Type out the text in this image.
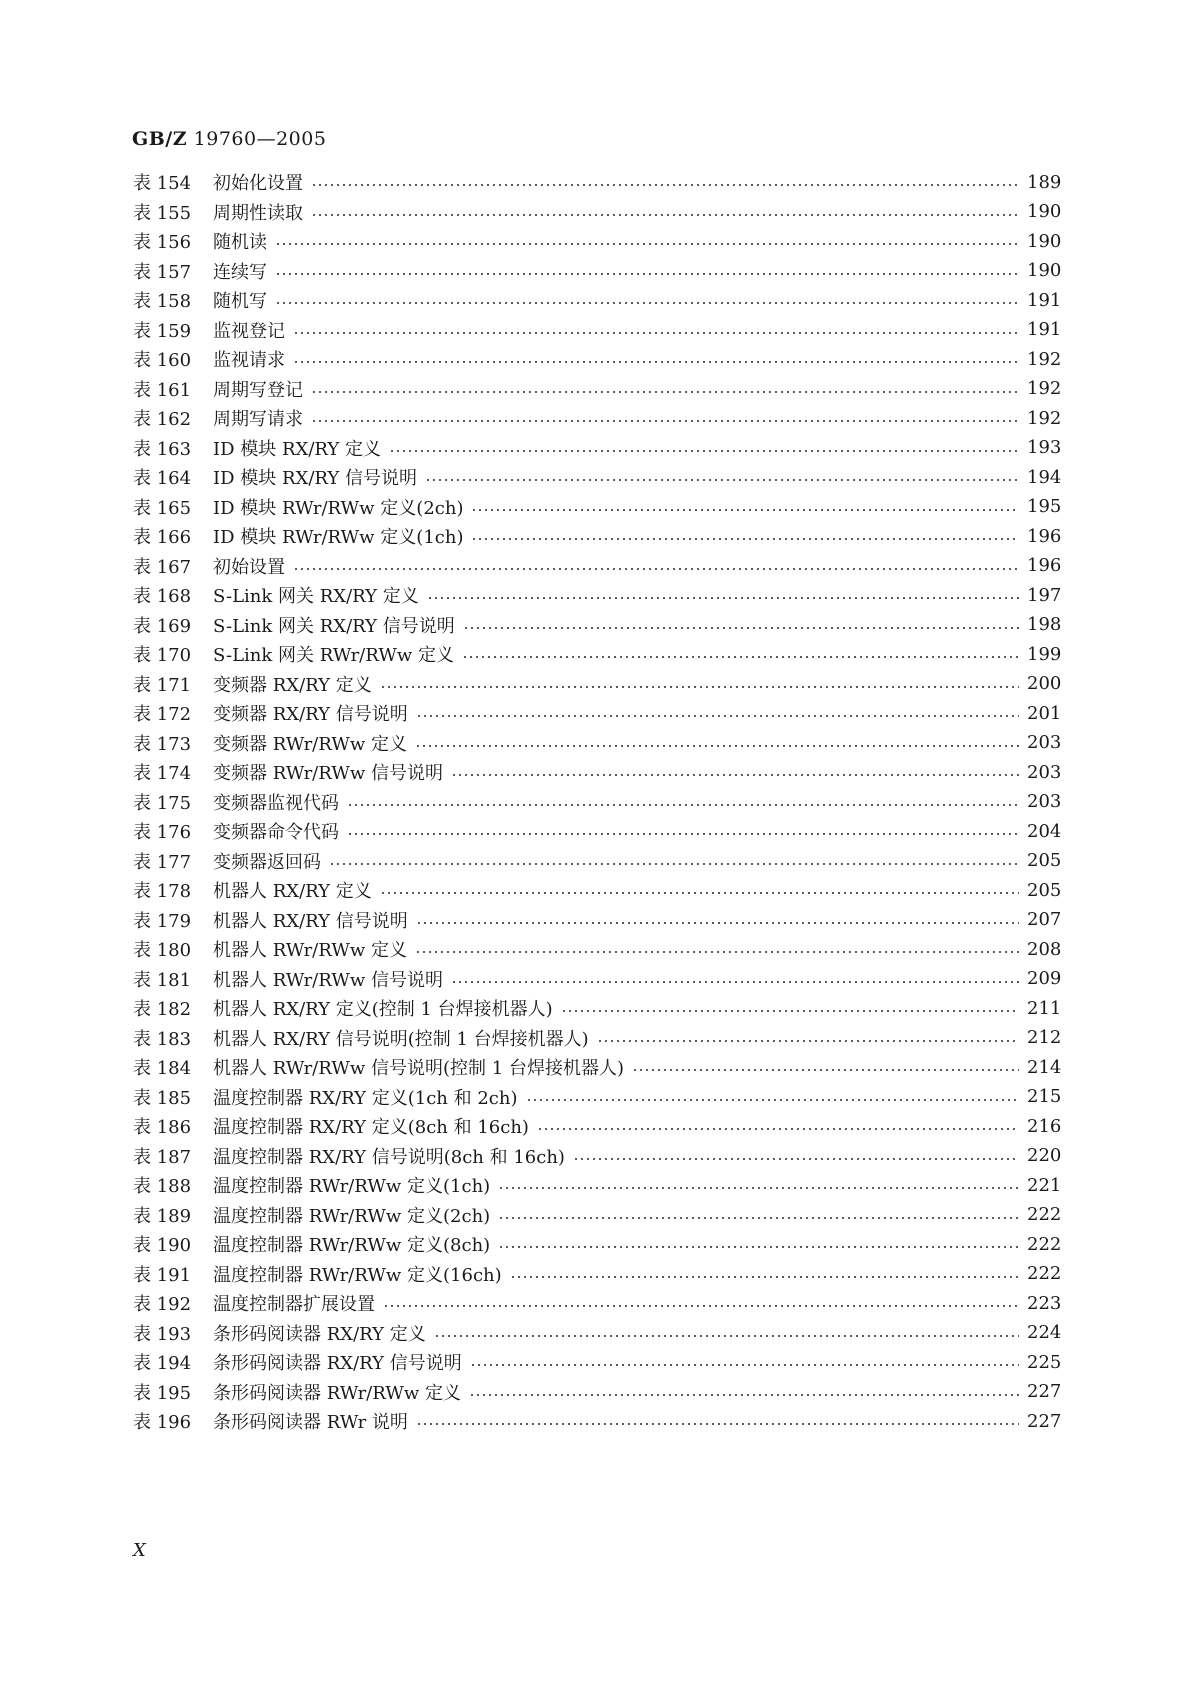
GB/Z 19760—2005
表 154	初始化设置	189
表 155	周期性读取	190
表 156	随机读	190
表 157	连续写	190
表 158	随机写	191
表 159	监视登记	191
表 160	监视请求	192
表 161	周期写登记	192
表 162	周期写请求	192
表 163	ID 模块 RX/RY 定义	193
表 164	ID 模块 RX/RY 信号说明	194
表 165	ID 模块 RWr/RWw 定义(2ch)	195
表 166	ID 模块 RWr/RWw 定义(1ch)	196
表 167	初始设置	196
表 168	S-Link 网关 RX/RY 定义	197
表 169	S-Link 网关 RX/RY 信号说明	198
表 170	S-Link 网关 RWr/RWw 定义	199
表 171	变频器 RX/RY 定义	200
表 172	变频器 RX/RY 信号说明	201
表 173	变频器 RWr/RWw 定义	203
表 174	变频器 RWr/RWw 信号说明	203
表 175	变频器监视代码	203
表 176	变频器命令代码	204
表 177	变频器返回码	205
表 178	机器人 RX/RY 定义	205
表 179	机器人 RX/RY 信号说明	207
表 180	机器人 RWr/RWw 定义	208
表 181	机器人 RWr/RWw 信号说明	209
表 182	机器人 RX/RY 定义(控制 1 台焊接机器人)	211
表 183	机器人 RX/RY 信号说明(控制 1 台焊接机器人)	212
表 184	机器人 RWr/RWw 信号说明(控制 1 台焊接机器人)	214
表 185	温度控制器 RX/RY 定义(1ch 和 2ch)	215
表 186	温度控制器 RX/RY 定义(8ch 和 16ch)	216
表 187	温度控制器 RX/RY 信号说明(8ch 和 16ch)	220
表 188	温度控制器 RWr/RWw 定义(1ch)	221
表 189	温度控制器 RWr/RWw 定义(2ch)	222
表 190	温度控制器 RWr/RWw 定义(8ch)	222
表 191	温度控制器 RWr/RWw 定义(16ch)	222
表 192	温度控制器扩展设置	223
表 193	条形码阅读器 RX/RY 定义	224
表 194	条形码阅读器 RX/RY 信号说明	225
表 195	条形码阅读器 RWr/RWw 定义	227
表 196	条形码阅读器 RWr 说明	227
X
